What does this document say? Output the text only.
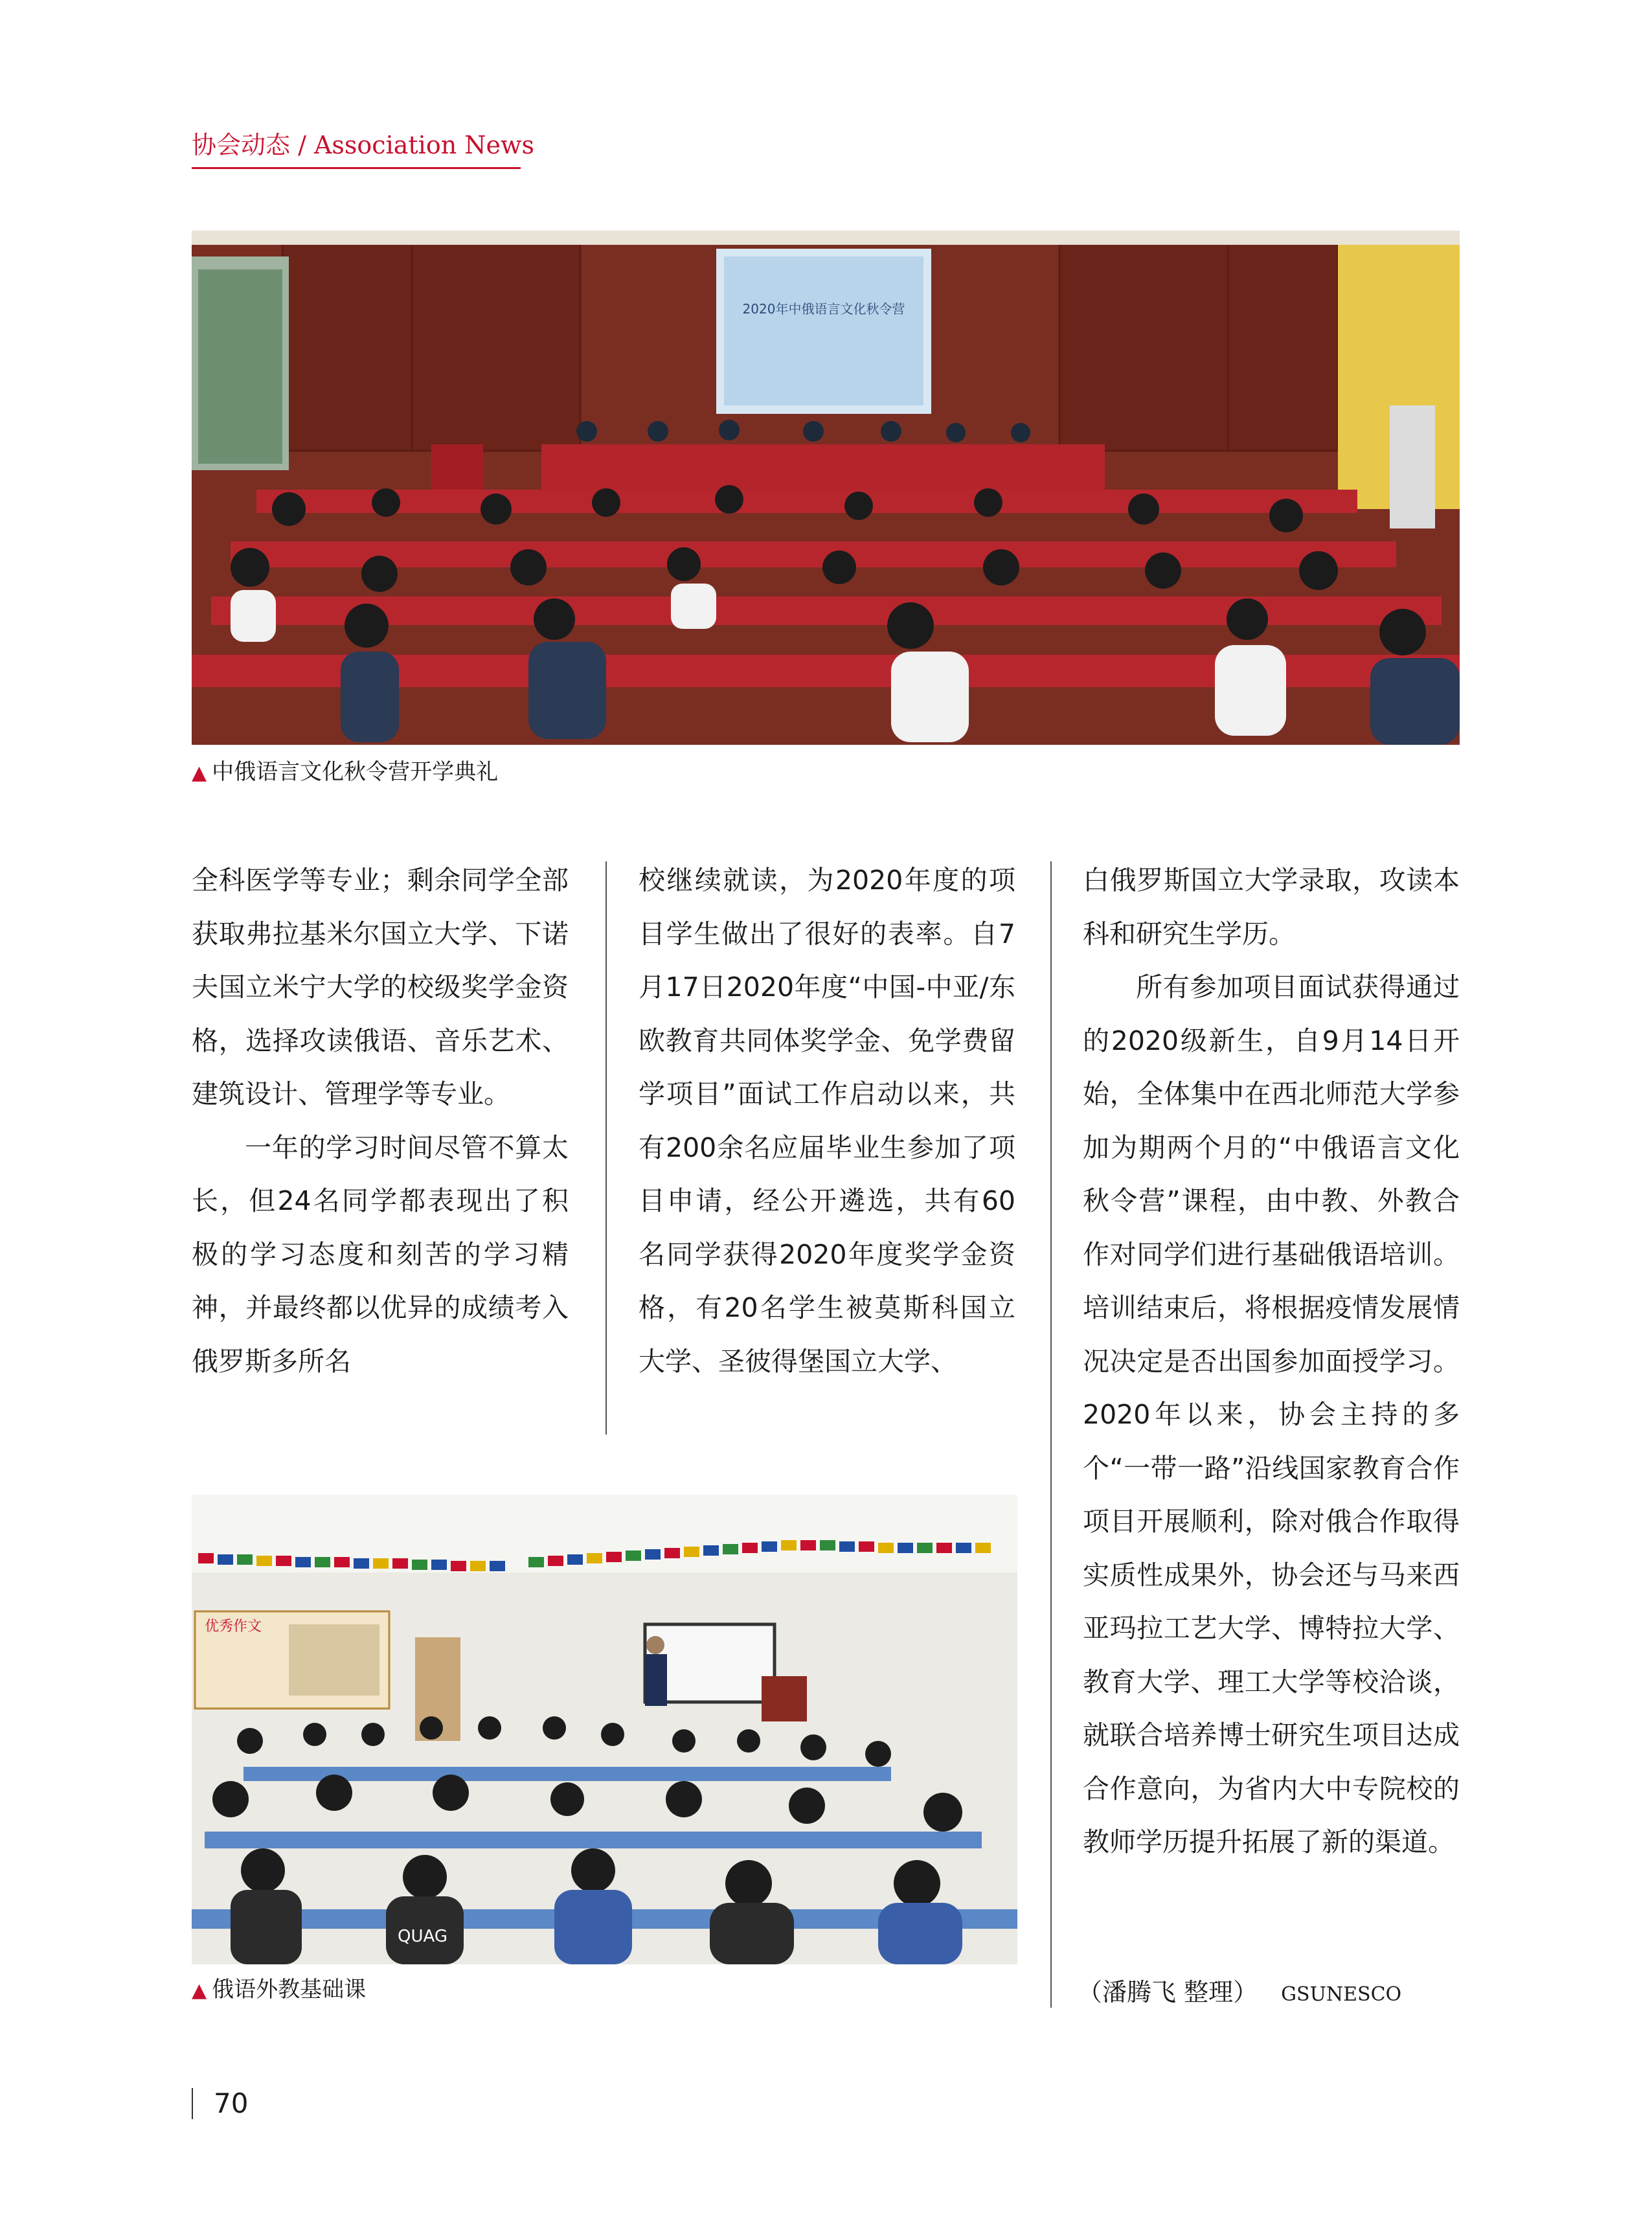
协会动态 / Association News
2020年中俄语言文化秋令营
▲ 中俄语言文化秋令营开学典礼

全科医学等专业；剩余同学全部获取弗拉基米尔国立大学、下诺夫国立米宁大学的校级奖学金资格，选择攻读俄语、音乐艺术、建筑设计、管理学等专业。

一年的学习时间尽管不算太长，但24名同学都表现出了积极的学习态度和刻苦的学习精神，并最终都以优异的成绩考入俄罗斯多所名

校继续就读，为2020年度的项目学生做出了很好的表率。自7月17日2020年度“中国-中亚/东欧教育共同体奖学金、免学费留学项目”面试工作启动以来，共有200余名应届毕业生参加了项目申请，经公开遴选，共有60名同学获得2020年度奖学金资格，有20名学生被莫斯科国立大学、圣彼得堡国立大学、

白俄罗斯国立大学录取，攻读本科和研究生学历。

所有参加项目面试获得通过的2020级新生，自9月14日开始，全体集中在西北师范大学参加为期两个月的“中俄语言文化秋令营”课程，由中教、外教合作对同学们进行基础俄语培训。培训结束后，将根据疫情发展情况决定是否出国参加面授学习。2020年以来，协会主持的多个“一带一路”沿线国家教育合作项目开展顺利，除对俄合作取得实质性成果外，协会还与马来西亚玛拉工艺大学、博特拉大学、教育大学、理工大学等校洽谈，就联合培养博士研究生项目达成合作意向，为省内大中专院校的教师学历提升拓展了新的渠道。

优秀作文
QUAG
▲ 俄语外教基础课	（潘腾飞 整理） GSUNESCO
70
